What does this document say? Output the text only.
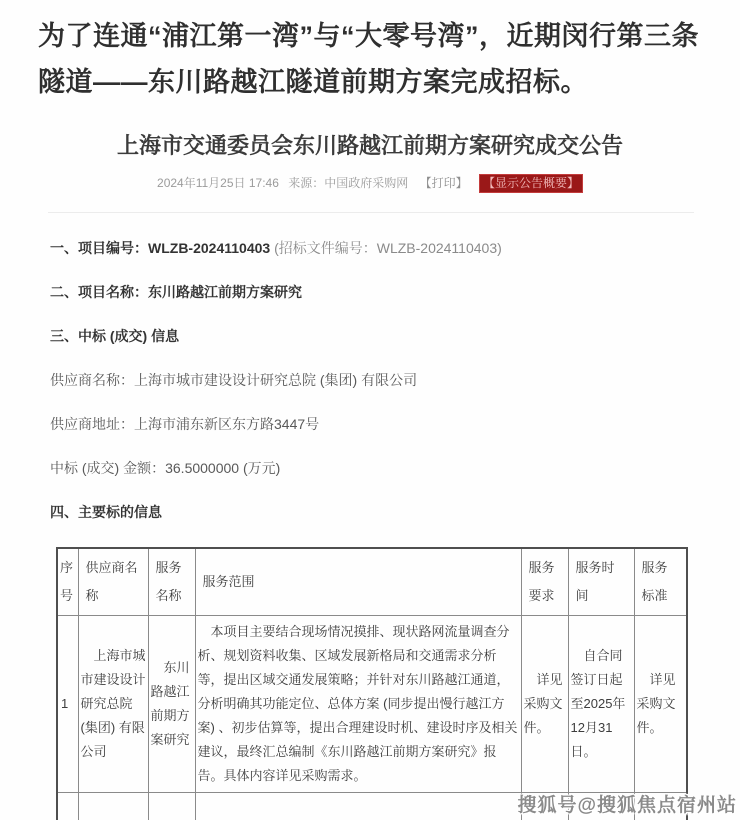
为了连通“浦江第一湾”与“大零号湾”，近期闵行第三条隧道——东川路越江隧道前期方案完成招标。

上海市交通委员会东川路越江前期方案研究成交公告
2024年11月25日 17:46 来源：中国政府采购网 【打印】 【显示公告概要】

一、项目编号：WLZB-2024110403 (招标文件编号：WLZB-2024110403)

二、项目名称：东川路越江前期方案研究

三、中标 (成交) 信息

供应商名称：上海市城市建设设计研究总院 (集团) 有限公司

供应商地址：上海市浦东新区东方路3447号

中标 (成交) 金额：36.5000000 (万元)

四、主要标的信息

序号	供应商名称	服务名称	服务范围	服务要求	服务时间	服务标准
1	上海市城市建设设计研究总院 (集团) 有限公司	东川路越江前期方案研究	本项目主要结合现场情况摸排、现状路网流量调查分析、规划资料收集、区域发展新格局和交通需求分析等，提出区域交通发展策略；并针对东川路越江通道，分析明确其功能定位、总体方案 (同步提出慢行越江方案) 、初步估算等，提出合理建设时机、建设时序及相关建议，最终汇总编制《东川路越江前期方案研究》报告。具体内容详见采购需求。	详见采购文件。	自合同签订日起至2025年12月31日。	详见采购文件。

搜狐号@搜狐焦点宿州站
